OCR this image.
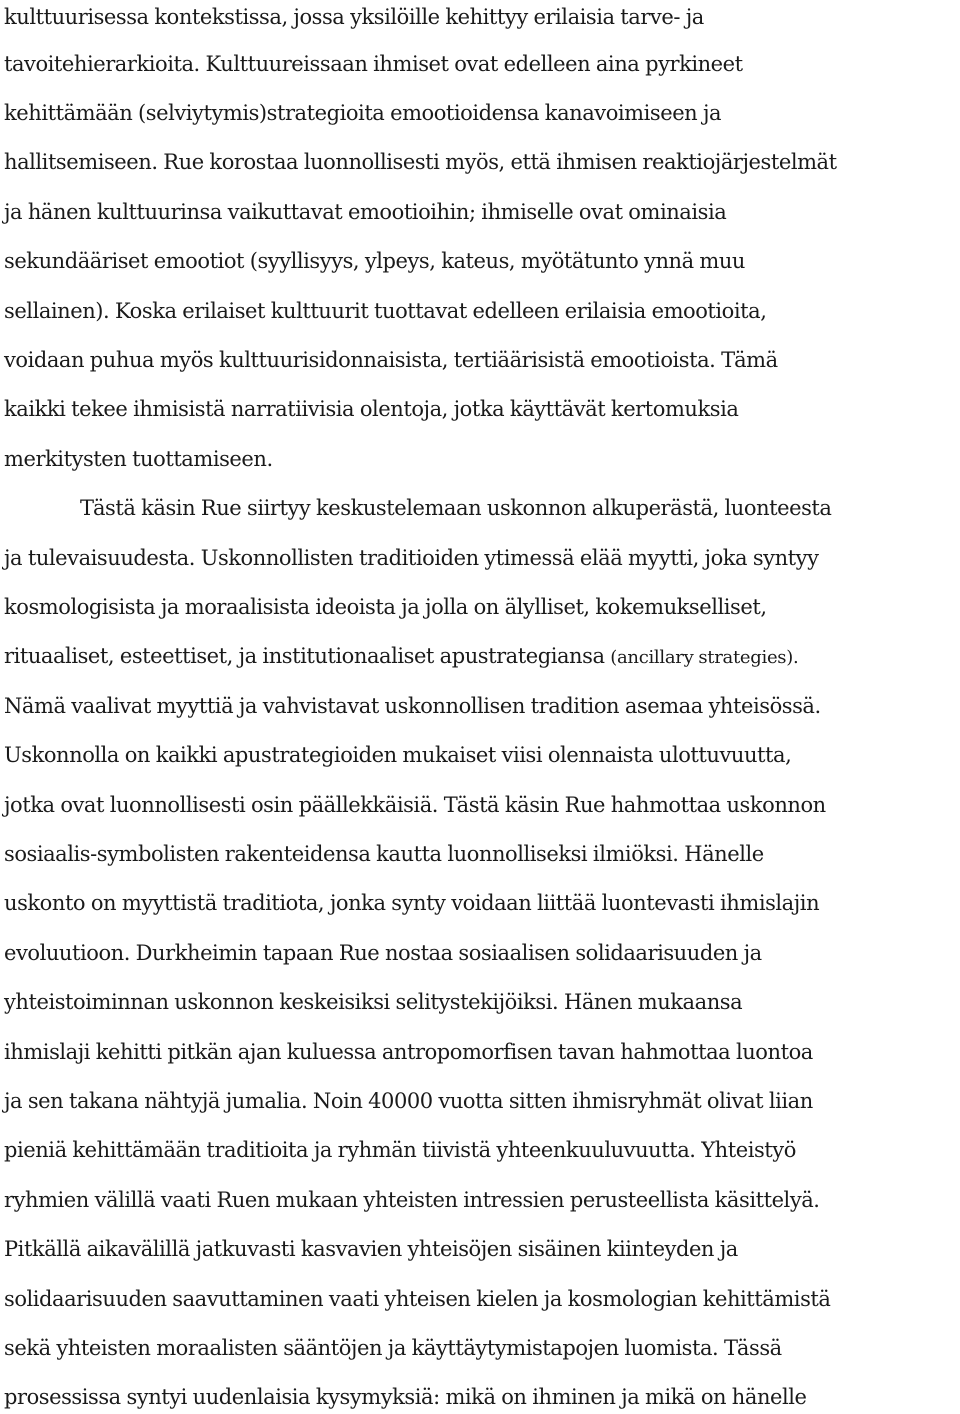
kulttuurisessa kontekstissa, jossa yksilöille kehittyy erilaisia tarve- ja

tavoitehierarkioita. Kulttuureissaan ihmiset ovat edelleen aina pyrkineet

kehittämään (selviytymis)strategioita emootioidensa kanavoimiseen ja

hallitsemiseen. Rue korostaa luonnollisesti myös, että ihmisen reaktiojärjestelmät

ja hänen kulttuurinsa vaikuttavat emootioihin; ihmiselle ovat ominaisia

sekundääriset emootiot (syyllisyys, ylpeys, kateus, myötätunto ynnä muu

sellainen). Koska erilaiset kulttuurit tuottavat edelleen erilaisia emootioita,

voidaan puhua myös kulttuurisidonnaisista, tertiäärisistä emootioista. Tämä

kaikki tekee ihmisistä narratiivisia olentoja, jotka käyttävät kertomuksia

merkitysten tuottamiseen.

Tästä käsin Rue siirtyy keskustelemaan uskonnon alkuperästä, luonteesta

ja tulevaisuudesta. Uskonnollisten traditioiden ytimessä elää myytti, joka syntyy

kosmologisista ja moraalisista ideoista ja jolla on älylliset, kokemukselliset,

rituaaliset, esteettiset, ja institutionaaliset apustrategiansa (ancillary strategies).

Nämä vaalivat myyttiä ja vahvistavat uskonnollisen tradition asemaa yhteisössä.

Uskonnolla on kaikki apustrategioiden mukaiset viisi olennaista ulottuvuutta,

jotka ovat luonnollisesti osin päällekkäisiä. Tästä käsin Rue hahmottaa uskonnon

sosiaalis-symbolisten rakenteidensa kautta luonnolliseksi ilmiöksi. Hänelle

uskonto on myyttistä traditiota, jonka synty voidaan liittää luontevasti ihmislajin

evoluutioon. Durkheimin tapaan Rue nostaa sosiaalisen solidaarisuuden ja

yhteistoiminnan uskonnon keskeisiksi selitystekijöiksi. Hänen mukaansa

ihmislaji kehitti pitkän ajan kuluessa antropomorfisen tavan hahmottaa luontoa

ja sen takana nähtyjä jumalia. Noin 40000 vuotta sitten ihmisryhmät olivat liian

pieniä kehittämään traditioita ja ryhmän tiivistä yhteenkuuluvuutta. Yhteistyö

ryhmien välillä vaati Ruen mukaan yhteisten intressien perusteellista käsittelyä.

Pitkällä aikavälillä jatkuvasti kasvavien yhteisöjen sisäinen kiinteyden ja

solidaarisuuden saavuttaminen vaati yhteisen kielen ja kosmologian kehittämistä

sekä yhteisten moraalisten sääntöjen ja käyttäytymistapojen luomista. Tässä

prosessissa syntyi uudenlaisia kysymyksiä: mikä on ihminen ja mikä on hänelle
